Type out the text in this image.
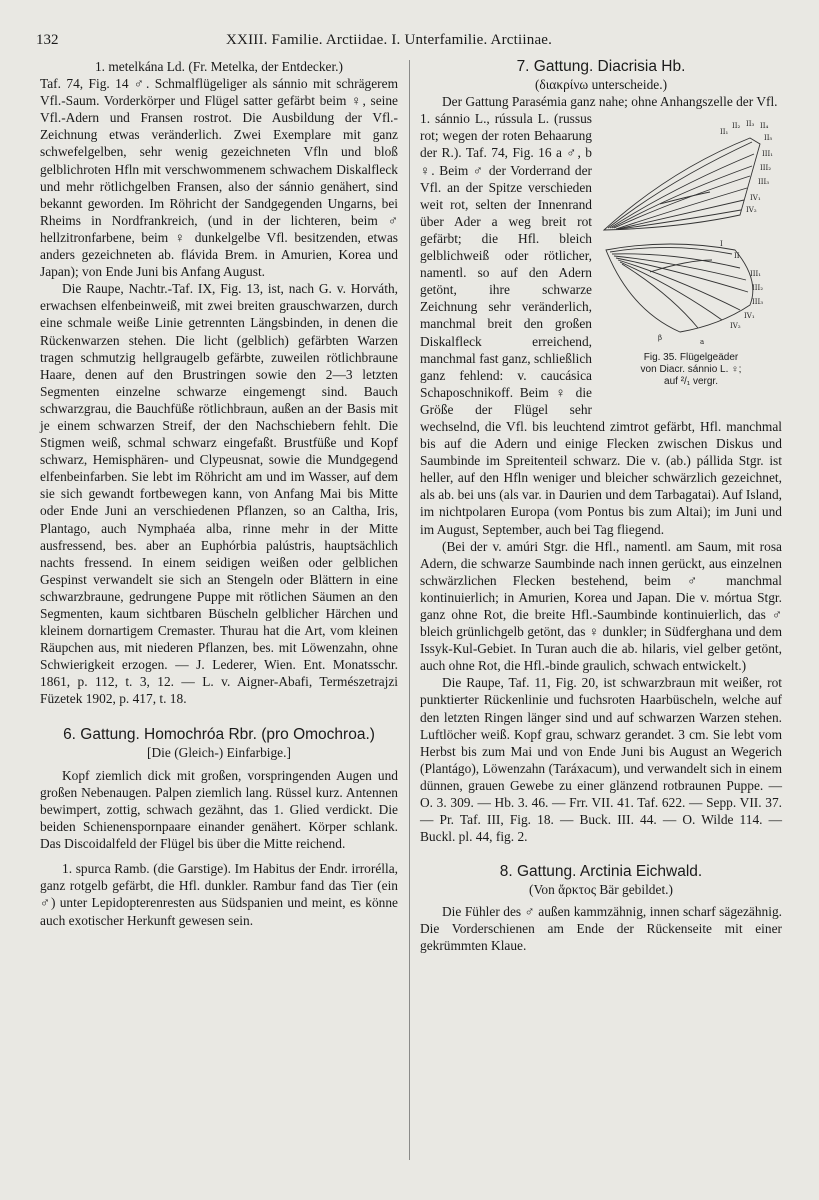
132	XXIII. Familie. Arctiidae. I. Unterfamilie. Arctiinae.

1. metelkána Ld. (Fr. Metelka, der Entdecker.)

Taf. 74, Fig. 14 ♂. Schmalflügeliger als sánnio mit schrägerem Vfl.-Saum. Vorderkörper und Flügel satter gefärbt beim ♀, seine Vfl.-Adern und Fransen rostrot. Die Ausbildung der Vfl.-Zeichnung etwas veränderlich. Zwei Exemplare mit ganz schwefelgelben, sehr wenig gezeichneten Vfln und bloß gelblichroten Hfln mit verschwommenem schwachem Diskalfleck und mehr rötlichgelben Fransen, also der sánnio genähert, sind bekannt geworden. Im Röhricht der Sandgegenden Ungarns, bei Rheims in Nordfrankreich, (und in der lichteren, beim ♂ hellzitronfarbene, beim ♀ dunkelgelbe Vfl. besitzenden, etwas anders gezeichneten ab. flávida Brem. in Amurien, Korea und Japan); von Ende Juni bis Anfang August.

Die Raupe, Nachtr.-Taf. IX, Fig. 13, ist, nach G. v. Horváth, erwachsen elfenbeinweiß, mit zwei breiten grauschwarzen, durch eine schmale weiße Linie getrennten Längsbinden, in denen die Rückenwarzen stehen. Die licht (gelblich) gefärbten Warzen tragen schmutzig hellgraugelb gefärbte, zuweilen rötlichbraune Haare, denen auf den Brustringen sowie den 2—3 letzten Segmenten einzelne schwarze eingemengt sind. Bauch schwarzgrau, die Bauchfüße rötlichbraun, außen an der Basis mit je einem schwarzen Streif, der den Nachschiebern fehlt. Die Stigmen weiß, schmal schwarz eingefaßt. Brustfüße und Kopf schwarz, Hemisphären- und Clypeusnat, sowie die Mundgegend elfenbeinfarben. Sie lebt im Röhricht am und im Wasser, auf dem sie sich gewandt fortbewegen kann, von Anfang Mai bis Mitte oder Ende Juni an verschiedenen Pflanzen, so an Caltha, Iris, Plantago, auch Nymphaéa alba, rinne mehr in der Mitte ausfressend, bes. aber an Euphórbia palústris, hauptsächlich nachts fressend. In einem seidigen weißen oder gelblichen Gespinst verwandelt sie sich an Stengeln oder Blättern in eine schwarzbraune, gedrungene Puppe mit rötlichen Säumen an den Segmenten, kaum sichtbaren Büscheln gelblicher Härchen und kleinem dornartigem Cremaster. Thurau hat die Art, vom kleinen Räupchen aus, mit niederen Pflanzen, bes. mit Löwenzahn, ohne Schwierigkeit erzogen. — J. Lederer, Wien. Ent. Monatsschr. 1861, p. 112, t. 3, 12. — L. v. Aigner-Abafi, Természetrajzi Füzetek 1902, p. 417, t. 18.

6. Gattung. Homochróa Rbr. (pro Omochroa.)

[Die (Gleich-) Einfarbige.]

Kopf ziemlich dick mit großen, vorspringenden Augen und großen Nebenaugen. Palpen ziemlich lang. Rüssel kurz. Antennen bewimpert, zottig, schwach gezähnt, das 1. Glied verdickt. Die beiden Schienenspornpaare einander genähert. Körper schlank. Das Discoidalfeld der Flügel bis über die Mitte reichend.

1. spurca Ramb. (die Garstige). Im Habitus der Endr. irrorélla, ganz rotgelb gefärbt, die Hfl. dunkler. Rambur fand das Tier (ein ♂) unter Lepidopterenresten aus Südspanien und meint, es könne auch exotischer Herkunft gewesen sein.

7. Gattung. Diacrisia Hb.

(διακρίνω unterscheide.)

Der Gattung Parasémia ganz nahe; ohne Anhangszelle der Vfl.

II₁
II₂ II₃ II₄
II₅
III₁
III₂
III₃
IV₁
IV₂
I
II
III₁
III₂
III₃
IV₁
IV₂
β	a
Fig. 35. Flügelgeäder
von Diacr. sánnio L. ♀;
auf ²/₁ vergr.

1. sánnio L., rússula L. (russus rot; wegen der roten Behaarung der R.). Taf. 74, Fig. 16 a ♂, b ♀. Beim ♂ der Vorderrand der Vfl. an der Spitze verschieden weit rot, selten der Innenrand über Ader a weg breit rot gefärbt; die Hfl. bleich gelblichweiß oder rötlicher, namentl. so auf den Adern getönt, ihre schwarze Zeichnung sehr veränderlich, manchmal breit den großen Diskalfleck erreichend, manchmal fast ganz, schließlich ganz fehlend: v. caucásica Schaposchnikoff. Beim ♀ die Größe der Flügel sehr wechselnd, die Vfl. bis leuchtend zimtrot gefärbt, Hfl. manchmal bis auf die Adern und einige Flecken zwischen Diskus und Saumbinde im Spreitenteil schwarz. Die v. (ab.) pállida Stgr. ist heller, auf den Hfln weniger und bleicher schwärzlich gezeichnet, als ab. bei uns (als var. in Daurien und dem Tarbagatai). Auf Island, im nichtpolaren Europa (vom Pontus bis zum Altai); im Juni und im August, September, auch bei Tag fliegend.

(Bei der v. amúri Stgr. die Hfl., namentl. am Saum, mit rosa Adern, die schwarze Saumbinde nach innen gerückt, aus einzelnen schwärzlichen Flecken bestehend, beim ♂ manchmal kontinuierlich; in Amurien, Korea und Japan. Die v. mórtua Stgr. ganz ohne Rot, die breite Hfl.-Saumbinde kontinuierlich, das ♂ bleich grünlichgelb getönt, das ♀ dunkler; in Südferghana und dem Issyk-Kul-Gebiet. In Turan auch die ab. hilaris, viel gelber getönt, auch ohne Rot, die Hfl.-binde graulich, schwach entwickelt.)

Die Raupe, Taf. 11, Fig. 20, ist schwarzbraun mit weißer, rot punktierter Rückenlinie und fuchsroten Haarbüscheln, welche auf den letzten Ringen länger sind und auf schwarzen Warzen stehen. Luftlöcher weiß. Kopf grau, schwarz gerandet. 3 cm. Sie lebt vom Herbst bis zum Mai und von Ende Juni bis August an Wegerich (Plantágo), Löwenzahn (Taráxacum), und verwandelt sich in einem dünnen, grauen Gewebe zu einer glänzend rotbraunen Puppe. — O. 3. 309. — Hb. 3. 46. — Frr. VII. 41. Taf. 622. — Sepp. VII. 37. — Pr. Taf. III, Fig. 18. — Buck. III. 44. — O. Wilde 114. — Buckl. pl. 44, fig. 2.

8. Gattung. Arctinia Eichwald.

(Von ἄρκτος Bär gebildet.)

Die Fühler des ♂ außen kammzähnig, innen scharf sägezähnig. Die Vorderschienen am Ende der Rückenseite mit einer gekrümmten Klaue.
